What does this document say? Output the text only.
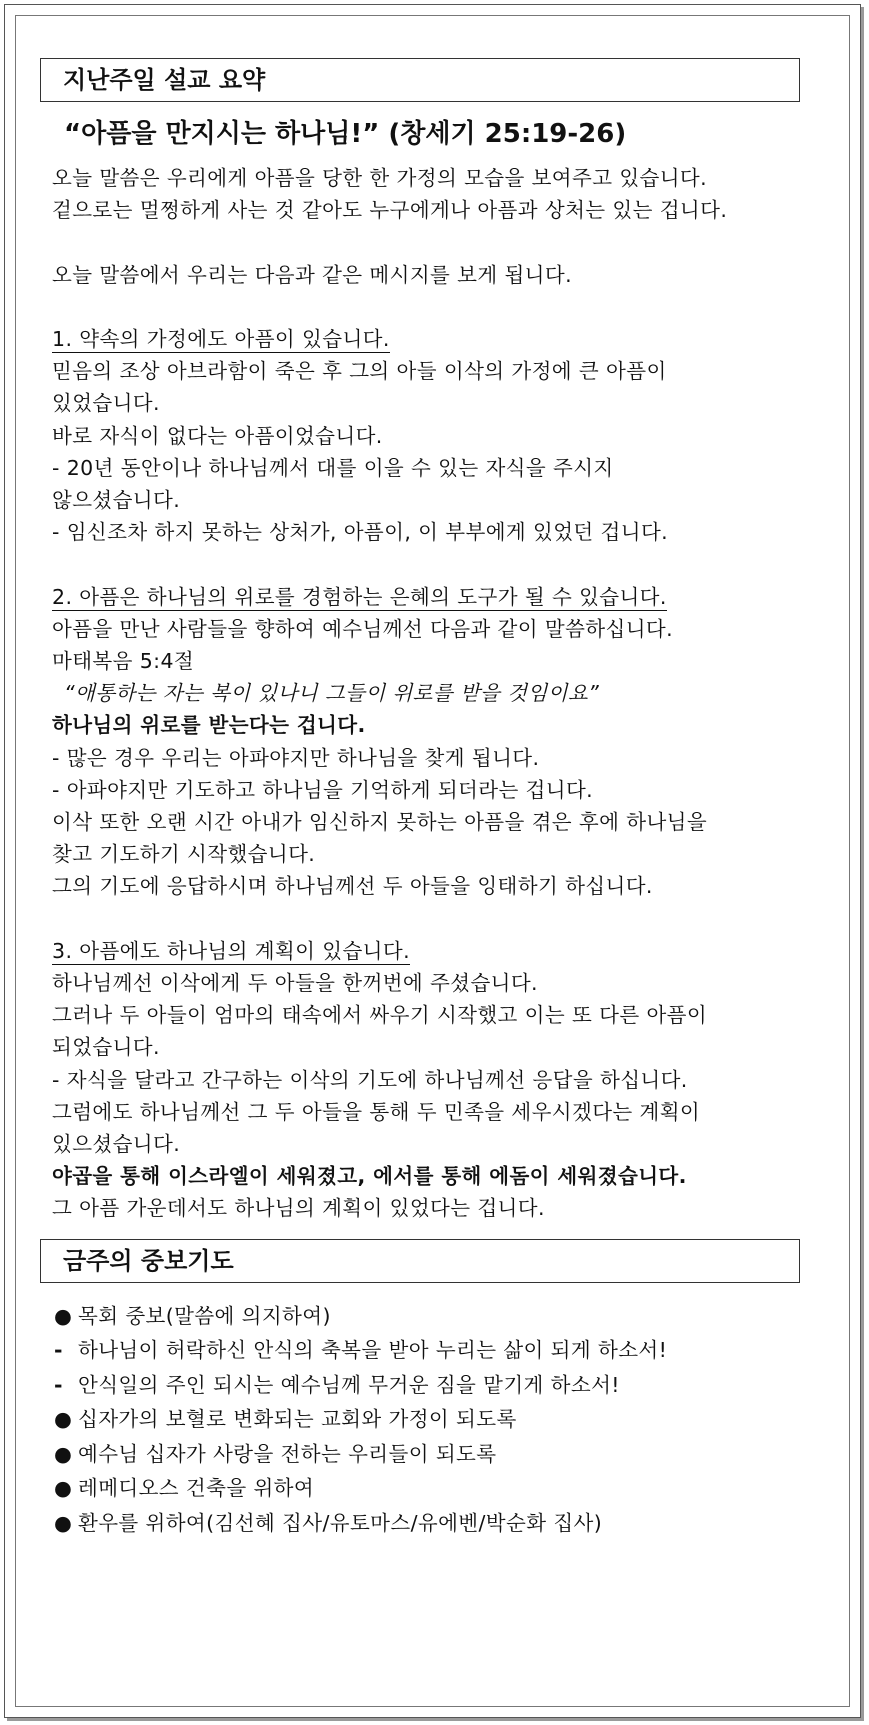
지난주일 설교 요약
“아픔을 만지시는 하나님!” (창세기 25:19-26)
오늘 말씀은 우리에게 아픔을 당한 한 가정의 모습을 보여주고 있습니다.
겉으로는 멀쩡하게 사는 것 같아도 누구에게나 아픔과 상처는 있는 겁니다.
오늘 말씀에서 우리는 다음과 같은 메시지를 보게 됩니다.
1. 약속의 가정에도 아픔이 있습니다.
믿음의 조상 아브라함이 죽은 후 그의 아들 이삭의 가정에 큰 아픔이
있었습니다.
바로 자식이 없다는 아픔이었습니다.
- 20년 동안이나 하나님께서 대를 이을 수 있는 자식을 주시지
않으셨습니다.
- 임신조차 하지 못하는 상처가, 아픔이, 이 부부에게 있었던 겁니다.
2. 아픔은 하나님의 위로를 경험하는 은혜의 도구가 될 수 있습니다.
아픔을 만난 사람들을 향하여 예수님께선 다음과 같이 말씀하십니다.
마태복음 5:4절
“애통하는 자는 복이 있나니 그들이 위로를 받을 것임이요”
하나님의 위로를 받는다는 겁니다.
- 많은 경우 우리는 아파야지만 하나님을 찾게 됩니다.
- 아파야지만 기도하고 하나님을 기억하게 되더라는 겁니다.
이삭 또한 오랜 시간 아내가 임신하지 못하는 아픔을 겪은 후에 하나님을
찾고 기도하기 시작했습니다.
그의 기도에 응답하시며 하나님께선 두 아들을 잉태하기 하십니다.
3. 아픔에도 하나님의 계획이 있습니다.
하나님께선 이삭에게 두 아들을 한꺼번에 주셨습니다.
그러나 두 아들이 엄마의 태속에서 싸우기 시작했고 이는 또 다른 아픔이
되었습니다.
- 자식을 달라고 간구하는 이삭의 기도에 하나님께선 응답을 하십니다.
그럼에도 하나님께선 그 두 아들을 통해 두 민족을 세우시겠다는 계획이
있으셨습니다.
야곱을 통해 이스라엘이 세워졌고, 에서를 통해 에돔이 세워졌습니다.
그 아픔 가운데서도 하나님의 계획이 있었다는 겁니다.
금주의 중보기도
● 목회 중보(말씀에 의지하여)
- 하나님이 허락하신 안식의 축복을 받아 누리는 삶이 되게 하소서!
- 안식일의 주인 되시는 예수님께 무거운 짐을 맡기게 하소서!
● 십자가의 보혈로 변화되는 교회와 가정이 되도록
● 예수님 십자가 사랑을 전하는 우리들이 되도록
● 레메디오스 건축을 위하여
● 환우를 위하여(김선혜 집사/유토마스/유에벤/박순화 집사)
